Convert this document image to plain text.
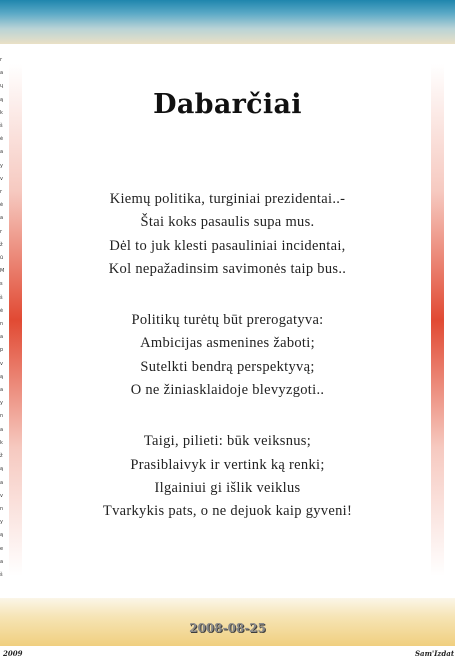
r
a
ų
ą
k
š
ė
a
y
v
r
ė
a
r
ž
ū
M
s
š
ė
n
a
p
v
ą
a
y
n
a
k
ž
ą
a
v
n
y
ą
e
a
š
Dabarčiai
Kiemų politika, turginiai prezidentai..-
Štai koks pasaulis supa mus.
Dėl to juk klesti pasauliniai incidentai,
Kol nepažadinsim savimonės taip bus..
Politikų turėtų būt prerogatyva:
Ambicijas asmenines žaboti;
Sutelkti bendrą perspektyvą;
O ne žiniasklaidoje blevyzgoti..
Taigi, pilieti: būk veiksnus;
Prasiblaivyk ir vertink ką renki;
Ilgainiui gi išlik veiklus
Tvarkykis pats, o ne dejuok kaip gyveni!
2008-08-25
2009	Sam'Izdat
